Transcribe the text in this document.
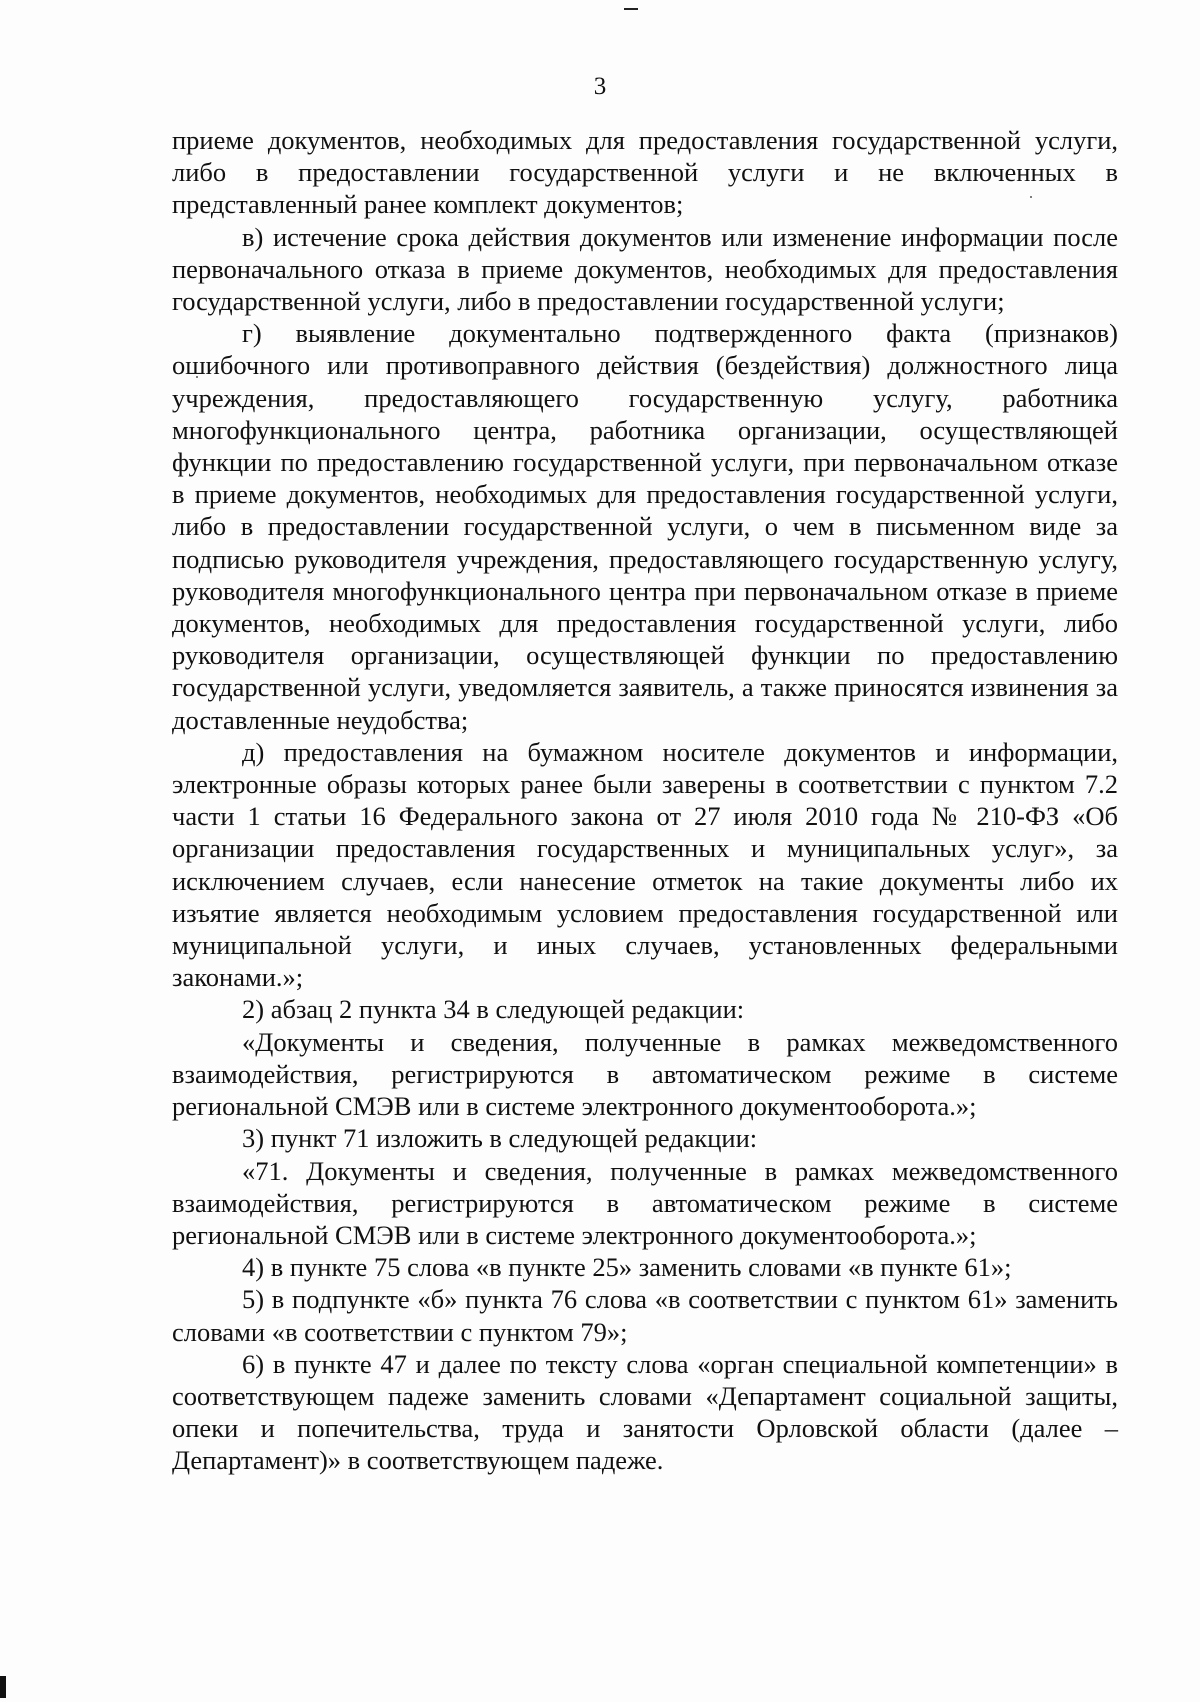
3

приеме документов, необходимых для предоставления государственной услуги, либо в предоставлении государственной услуги и не включенных в представленный ранее комплект документов;

в) истечение срока действия документов или изменение информации после первоначального отказа в приеме документов, необходимых для предоставления государственной услуги, либо в предоставлении государственной услуги;

г) выявление документально подтвержденного факта (признаков) ошибочного или противоправного действия (бездействия) должностного лица учреждения, предоставляющего государственную услугу, работника многофункционального центра, работника организации, осуществляющей функции по предоставлению государственной услуги, при первоначальном отказе в приеме документов, необходимых для предоставления государственной услуги, либо в предоставлении государственной услуги, о чем в письменном виде за подписью руководителя учреждения, предоставляющего государственную услугу, руководителя многофункционального центра при первоначальном отказе в приеме документов, необходимых для предоставления государственной услуги, либо руководителя организации, осуществляющей функции по предоставлению государственной услуги, уведомляется заявитель, а также приносятся извинения за доставленные неудобства;

д) предоставления на бумажном носителе документов и информации, электронные образы которых ранее были заверены в соответствии с пунктом 7.2 части 1 статьи 16 Федерального закона от 27 июля 2010 года № 210-ФЗ «Об организации предоставления государственных и муниципальных услуг», за исключением случаев, если нанесение отметок на такие документы либо их изъятие является необходимым условием предоставления государственной или муниципальной услуги, и иных случаев, установленных федеральными законами.»;

2) абзац 2 пункта 34 в следующей редакции:

«Документы и сведения, полученные в рамках межведомственного взаимодействия, регистрируются в автоматическом режиме в системе региональной СМЭВ или в системе электронного документооборота.»;

3) пункт 71 изложить в следующей редакции:

«71. Документы и сведения, полученные в рамках межведомственного взаимодействия, регистрируются в автоматическом режиме в системе региональной СМЭВ или в системе электронного документооборота.»;

4) в пункте 75 слова «в пункте 25» заменить словами «в пункте 61»;

5) в подпункте «б» пункта 76 слова «в соответствии с пунктом 61» заменить словами «в соответствии с пунктом 79»;

6) в пункте 47 и далее по тексту слова «орган специальной компетенции» в соответствующем падеже заменить словами «Департамент социальной защиты, опеки и попечительства, труда и занятости Орловской области (далее – Департамент)» в соответствующем падеже.
